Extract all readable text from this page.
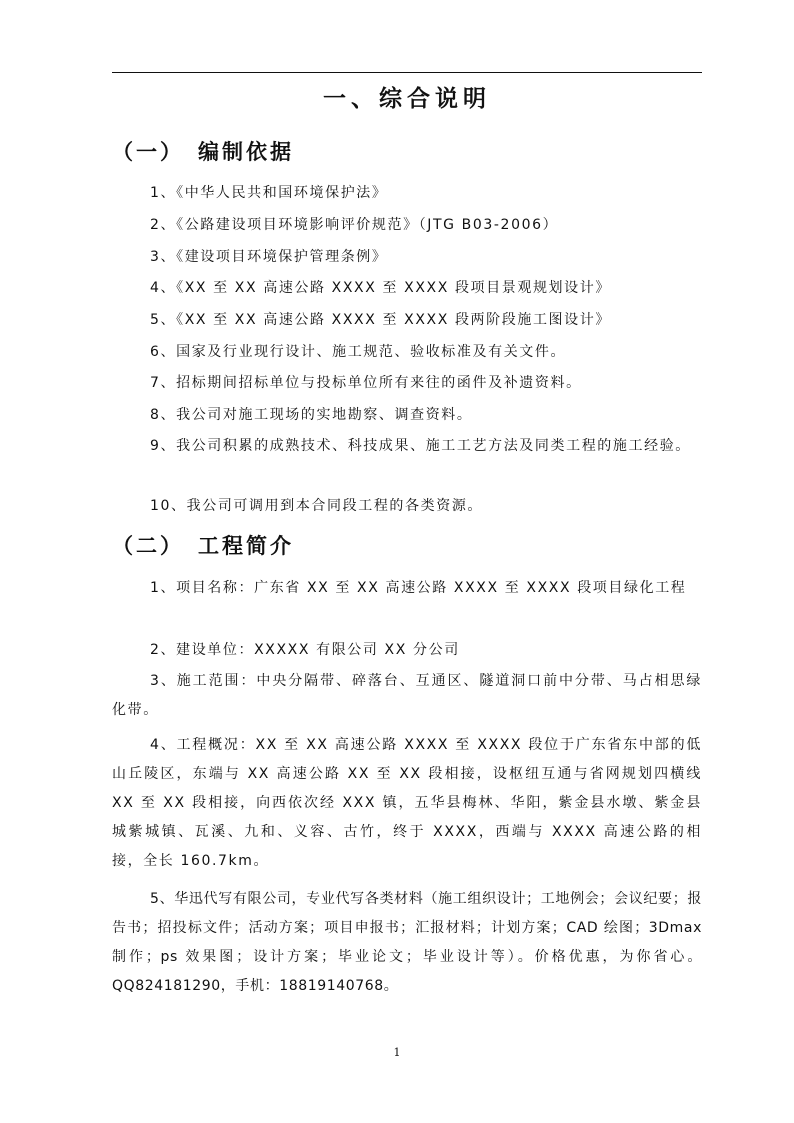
一、综合说明
（一） 编制依据

1、《中华人民共和国环境保护法》

2、《公路建设项目环境影响评价规范》（JTG B03-2006）

3、《建设项目环境保护管理条例》

4、《XX 至 XX 高速公路 XXXX 至 XXXX 段项目景观规划设计》

5、《XX 至 XX 高速公路 XXXX 至 XXXX 段两阶段施工图设计》

6、国家及行业现行设计、施工规范、验收标准及有关文件。

7、招标期间招标单位与投标单位所有来往的函件及补遗资料。

8、我公司对施工现场的实地勘察、调查资料。

9、我公司积累的成熟技术、科技成果、施工工艺方法及同类工程的施工经验。

10、我公司可调用到本合同段工程的各类资源。

（二） 工程简介

1、项目名称：广东省 XX 至 XX 高速公路 XXXX 至 XXXX 段项目绿化工程

2、建设单位：XXXXX 有限公司 XX 分公司

3、施工范围：中央分隔带、碎落台、互通区、隧道洞口前中分带、马占相思绿化带。

4、工程概况：XX 至 XX 高速公路 XXXX 至 XXXX 段位于广东省东中部的低山丘陵区，东端与 XX 高速公路 XX 至 XX 段相接，设枢纽互通与省网规划四横线 XX 至 XX 段相接，向西依次经 XXX 镇，五华县梅林、华阳，紫金县水墩、紫金县城紫城镇、瓦溪、九和、义容、古竹，终于 XXXX，西端与 XXXX 高速公路的相接，全长 160.7km。

5、华迅代写有限公司，专业代写各类材料（施工组织设计；工地例会；会议纪要；报告书；招投标文件；活动方案；项目申报书；汇报材料；计划方案；CAD 绘图；3Dmax 制作；ps 效果图；设计方案；毕业论文；毕业设计等）。价格优惠，为你省心。QQ824181290，手机：18819140768。

1
